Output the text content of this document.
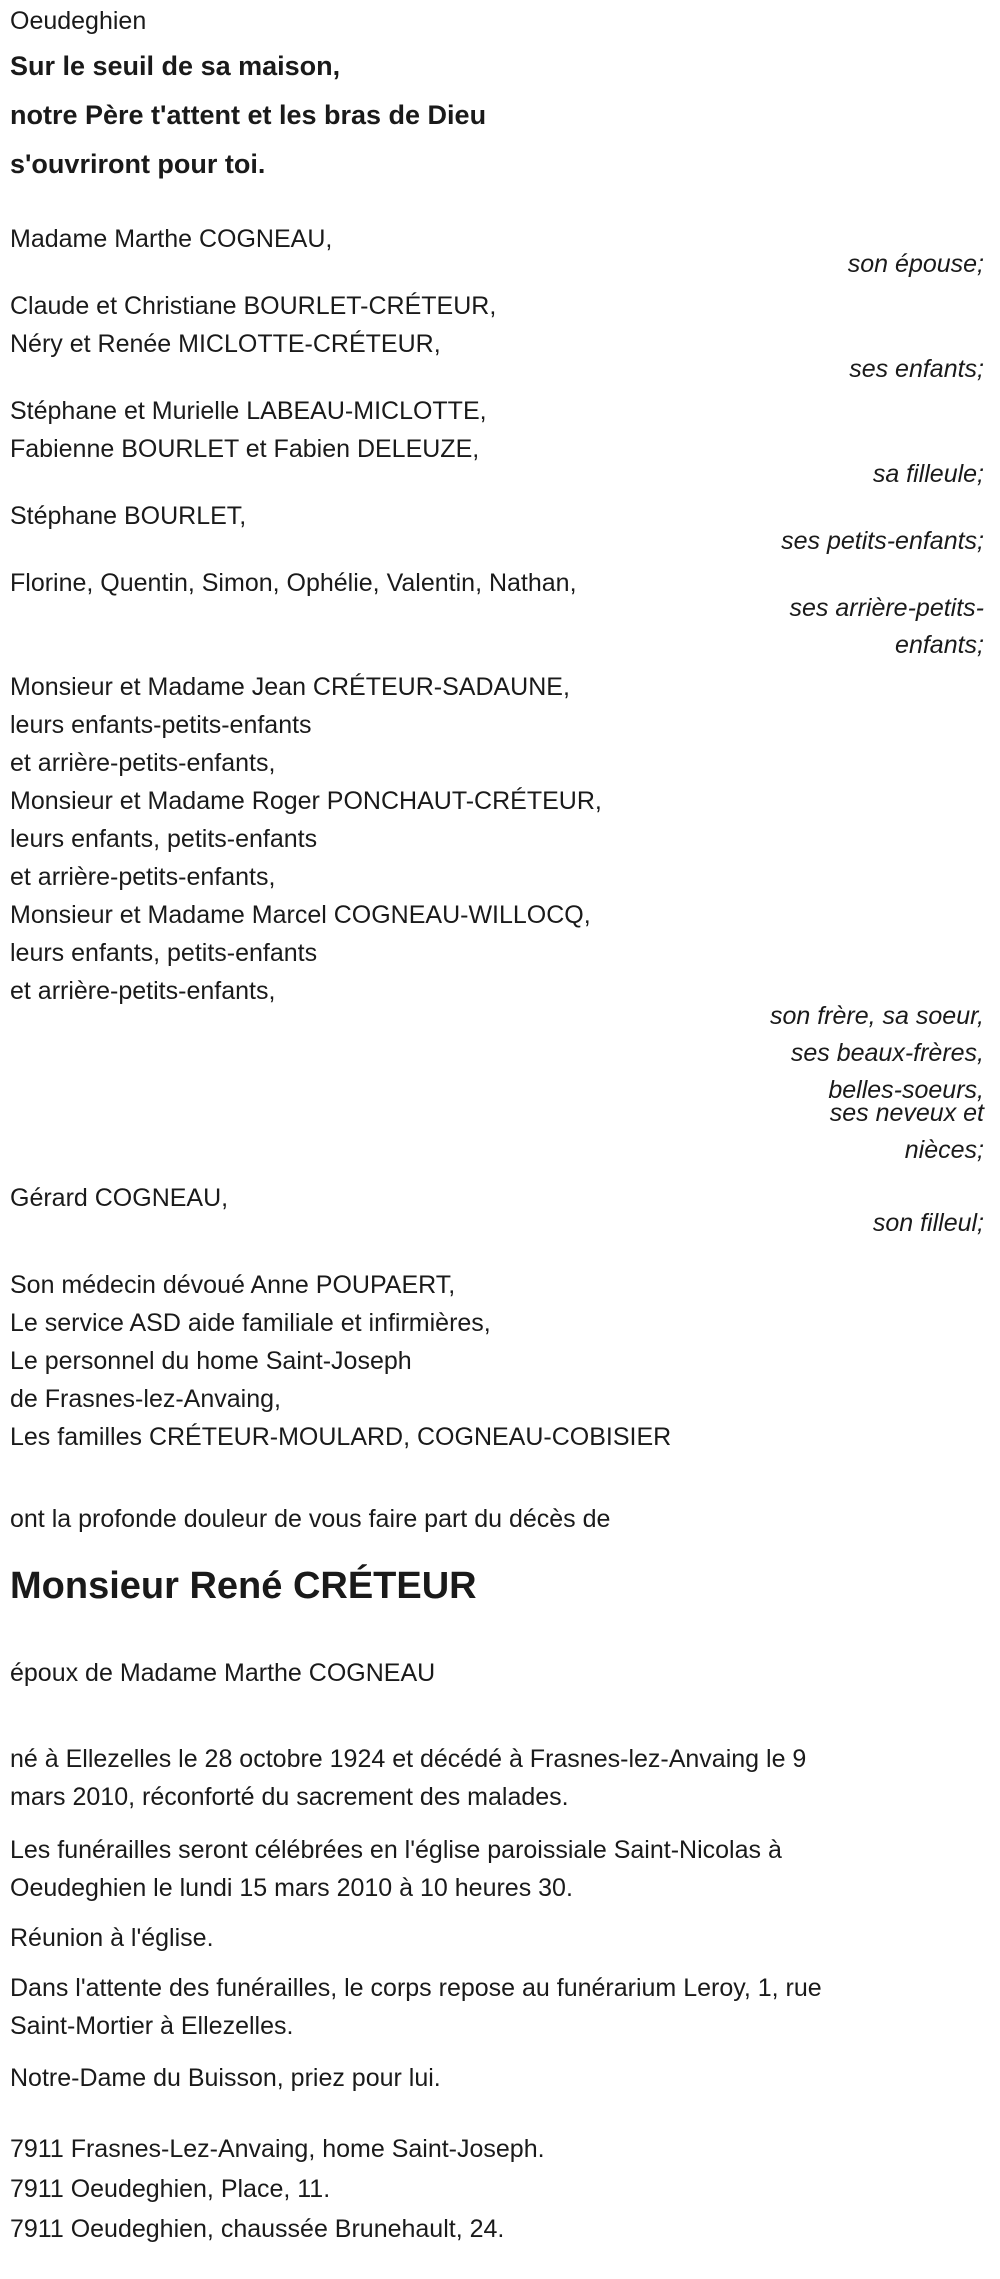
Oeudeghien

Sur le seuil de sa maison,

notre Père t'attent et les bras de Dieu

s'ouvriront pour toi.

Madame Marthe COGNEAU,
son épouse;
Claude et Christiane BOURLET-CRÉTEUR,
Néry et Renée MICLOTTE-CRÉTEUR,
ses enfants;
Stéphane et Murielle LABEAU-MICLOTTE,
Fabienne BOURLET et Fabien DELEUZE,
sa filleule;
Stéphane BOURLET,
ses petits-enfants;
Florine, Quentin, Simon, Ophélie, Valentin, Nathan,
ses arrière-petits-
enfants;
Monsieur et Madame Jean CRÉTEUR-SADAUNE,
leurs enfants-petits-enfants
et arrière-petits-enfants,
Monsieur et Madame Roger PONCHAUT-CRÉTEUR,
leurs enfants, petits-enfants
et arrière-petits-enfants,
Monsieur et Madame Marcel COGNEAU-WILLOCQ,
leurs enfants, petits-enfants
et arrière-petits-enfants,
son frère, sa soeur,
ses beaux-frères,
belles-soeurs,
ses neveux et
nièces;
Gérard COGNEAU,
son filleul;
Son médecin dévoué Anne POUPAERT,
Le service ASD aide familiale et infirmières,
Le personnel du home Saint-Joseph
de Frasnes-lez-Anvaing,
Les familles CRÉTEUR-MOULARD, COGNEAU-COBISIER
ont la profonde douleur de vous faire part du décès de
Monsieur René CRÉTEUR
époux de Madame Marthe COGNEAU
né à Ellezelles le 28 octobre 1924 et décédé à Frasnes-lez-Anvaing le 9
mars 2010, réconforté du sacrement des malades.
Les funérailles seront célébrées en l'église paroissiale Saint-Nicolas à
Oeudeghien le lundi 15 mars 2010 à 10 heures 30.
Réunion à l'église.
Dans l'attente des funérailles, le corps repose au funérarium Leroy, 1, rue
Saint-Mortier à Ellezelles.
Notre-Dame du Buisson, priez pour lui.
7911 Frasnes-Lez-Anvaing, home Saint-Joseph.
7911 Oeudeghien, Place, 11.
7911 Oeudeghien, chaussée Brunehault, 24.
